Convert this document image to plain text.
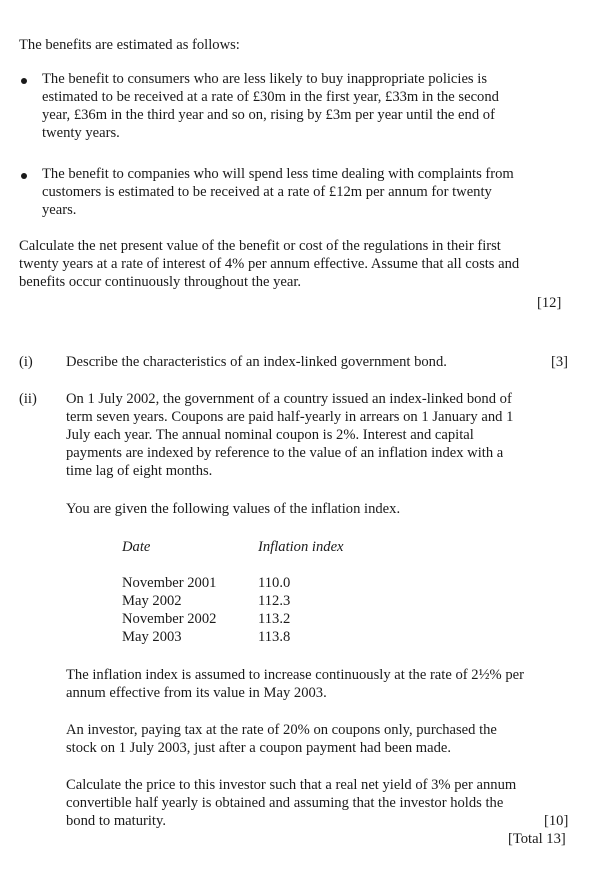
The benefits are estimated as follows:

The benefit to consumers who are less likely to buy inappropriate policies is

estimated to be received at a rate of £30m in the first year, £33m in the second

year, £36m in the third year and so on, rising by £3m per year until the end of

twenty years.

The benefit to companies who will spend less time dealing with complaints from

customers is estimated to be received at a rate of £12m per annum for twenty

years.

Calculate the net present value of the benefit or cost of the regulations in their first

twenty years at a rate of interest of 4% per annum effective. Assume that all costs and

benefits occur continuously throughout the year.

[12]

(i) Describe the characteristics of an index-linked government bond.	[3]

(ii) On 1 July 2002, the government of a country issued an index-linked bond of

term seven years. Coupons are paid half-yearly in arrears on 1 January and 1

July each year. The annual nominal coupon is 2%. Interest and capital

payments are indexed by reference to the value of an inflation index with a

time lag of eight months.

You are given the following values of the inflation index.

Date	Inflation index

November 2001	110.0

May 2002	112.3

November 2002	113.2

May 2003	113.8

The inflation index is assumed to increase continuously at the rate of 2½% per

annum effective from its value in May 2003.

An investor, paying tax at the rate of 20% on coupons only, purchased the

stock on 1 July 2003, just after a coupon payment had been made.

Calculate the price to this investor such that a real net yield of 3% per annum

convertible half yearly is obtained and assuming that the investor holds the

bond to maturity.	[10]

[Total 13]
